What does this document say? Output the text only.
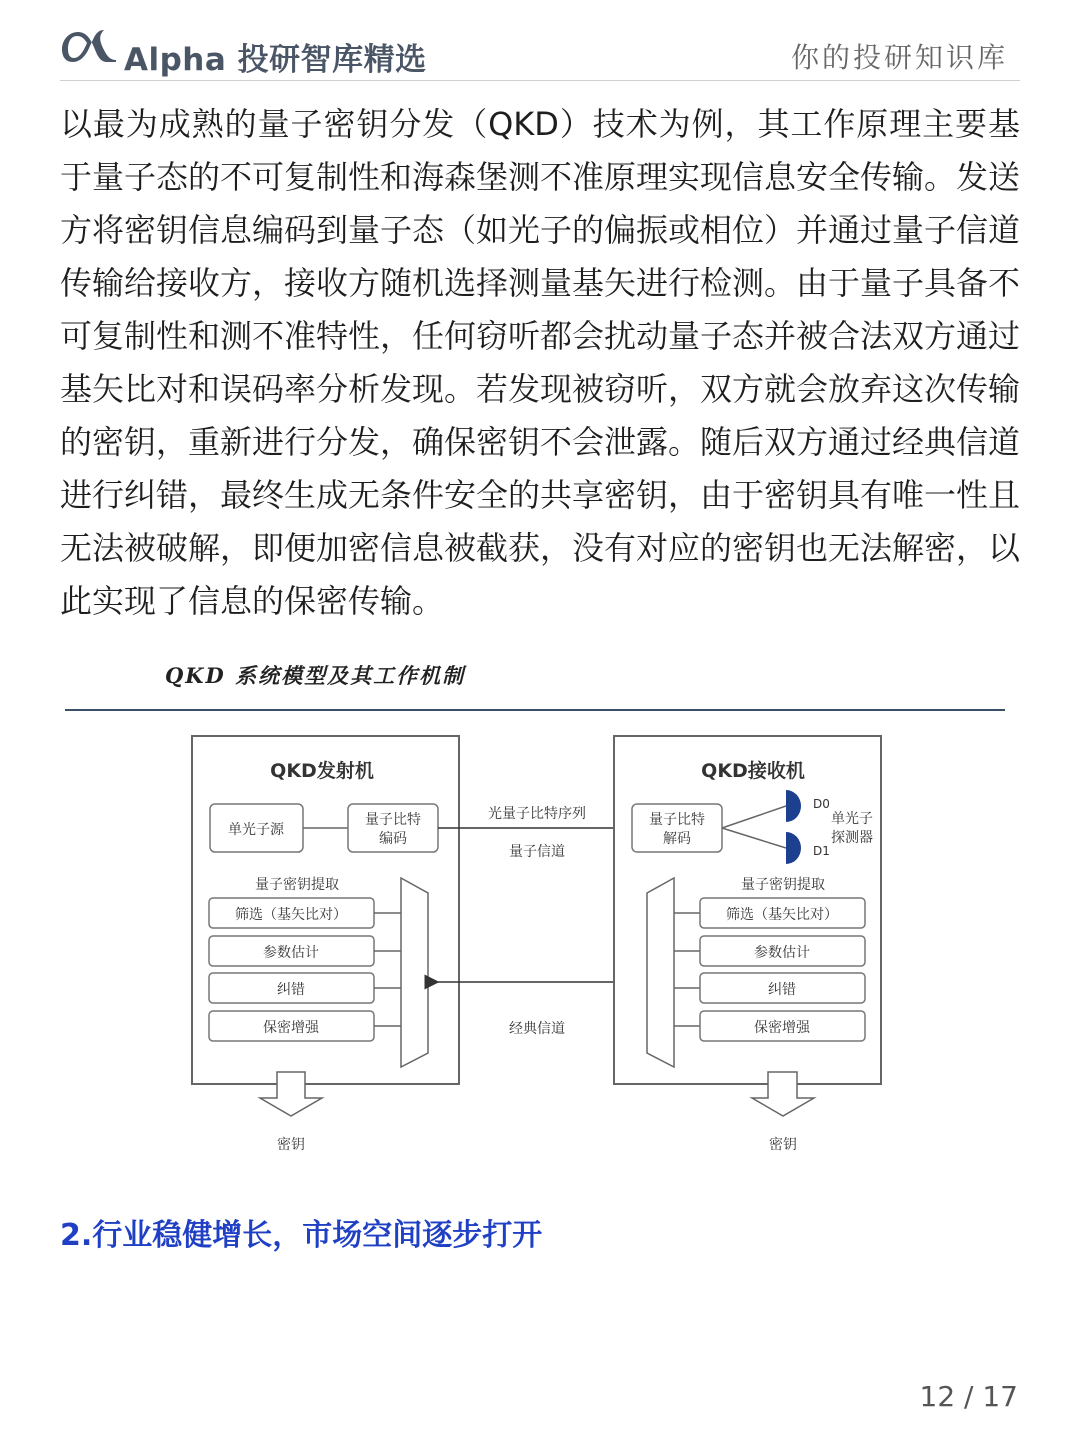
Alpha 投研智库精选	你的投研知识库

以最为成熟的量子密钥分发（QKD）技术为例，其工作原理主要基于量子态的不可复制性和海森堡测不准原理实现信息安全传输。发送方将密钥信息编码到量子态（如光子的偏振或相位）并通过量子信道传输给接收方，接收方随机选择测量基矢进行检测。由于量子具备不可复制性和测不准特性，任何窃听都会扰动量子态并被合法双方通过基矢比对和误码率分析发现。若发现被窃听，双方就会放弃这次传输的密钥，重新进行分发，确保密钥不会泄露。随后双方通过经典信道进行纠错，最终生成无条件安全的共享密钥，由于密钥具有唯一性且无法被破解，即便加密信息被截获，没有对应的密钥也无法解密，以此实现了信息的保密传输。

QKD 系统模型及其工作机制
QKD发射机
单光子源
量子比特
编码
量子密钥提取
筛选（基矢比对）
参数估计
纠错
保密增强
密钥
光量子比特序列
量子信道
经典信道
QKD接收机
量子比特
解码
D0
D1
单光子
探测器
量子密钥提取
筛选（基矢比对）
参数估计
纠错
保密增强
密钥
2.行业稳健增长，市场空间逐步打开
12 / 17
